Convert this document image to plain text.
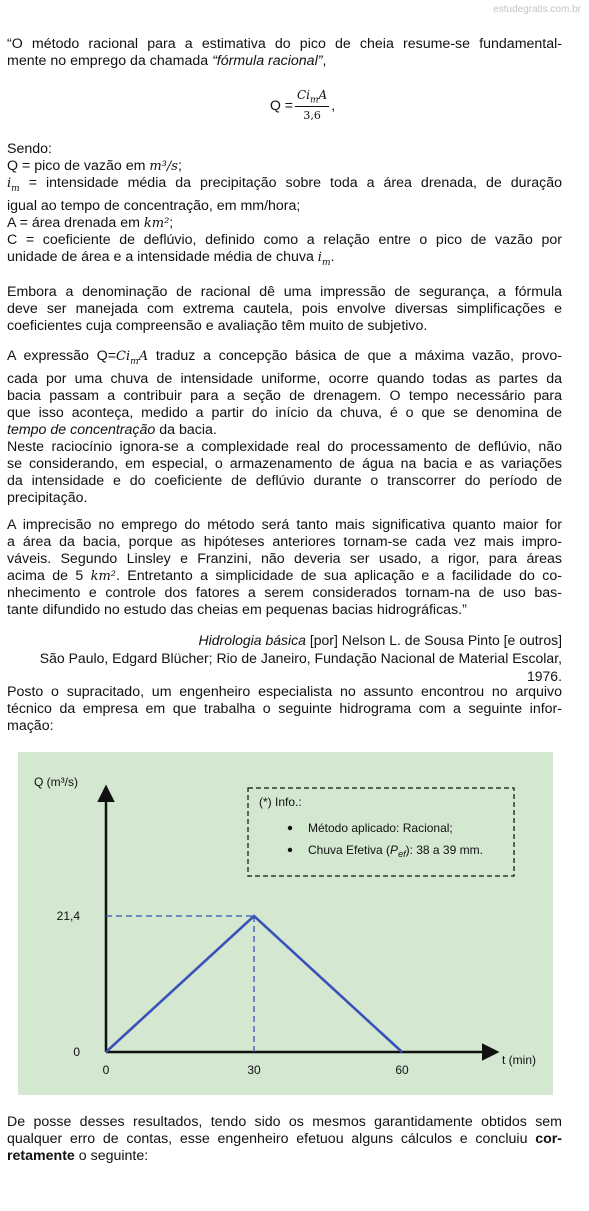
estudegratis.com.br
“O método racional para a estimativa do pico de cheia resume-se fundamental-
mente no emprego da chamada “fórmula racional”,
$Q = \frac{Ci_mA}{3,6}$ ,
Sendo:
Q = pico de vazão em m³/s;
$i_m$ = intensidade média da precipitação sobre toda a área drenada, de duração
igual ao tempo de concentração, em mm/hora;
A = área drenada em km²;
C = coeficiente de deflúvio, definido como a relação entre o pico de vazão por
unidade de área e a intensidade média de chuva $i_m$.
Embora a denominação de racional dê uma impressão de segurança, a fórmula
deve ser manejada com extrema cautela, pois envolve diversas simplificações e
coeficientes cuja compreensão e avaliação têm muito de subjetivo.
A expressão $Q=Ci_mA$ traduz a concepção básica de que a máxima vazão, provo-
cada por uma chuva de intensidade uniforme, ocorre quando todas as partes da
bacia passam a contribuir para a seção de drenagem. O tempo necessário para
que isso aconteça, medido a partir do início da chuva, é o que se denomina de
tempo de concentração da bacia.
Neste raciocínio ignora-se a complexidade real do processamento de deflúvio, não
se considerando, em especial, o armazenamento de água na bacia e as variações
da intensidade e do coeficiente de deflúvio durante o transcorrer do período de
precipitação.
A imprecisão no emprego do método será tanto mais significativa quanto maior for
a área da bacia, porque as hipóteses anteriores tornam-se cada vez mais impro-
váveis. Segundo Linsley e Franzini, não deveria ser usado, a rigor, para áreas
acima de 5 km². Entretanto a simplicidade de sua aplicação e a facilidade do co-
nhecimento e controle dos fatores a serem considerados tornam-na de uso bas-
tante difundido no estudo das cheias em pequenas bacias hidrográficas.”
Hidrologia básica [por] Nelson L. de Sousa Pinto [e outros]
São Paulo, Edgard Blücher; Rio de Janeiro, Fundação Nacional de Material Escolar, 1976.
Posto o supracitado, um engenheiro especialista no assunto encontrou no arquivo
técnico da empresa em que trabalha o seguinte hidrograma com a seguinte infor-
mação:
Q (m³/s)
t (min)
0	30	60
0
21,4
(*) Info.:
Método aplicado: Racional;
Chuva Efetiva $(P_{ef})$: 38 a 39 mm.
De posse desses resultados, tendo sido os mesmos garantidamente obtidos sem
qualquer erro de contas, esse engenheiro efetuou alguns cálculos e concluiu cor-
retamente o seguinte:
